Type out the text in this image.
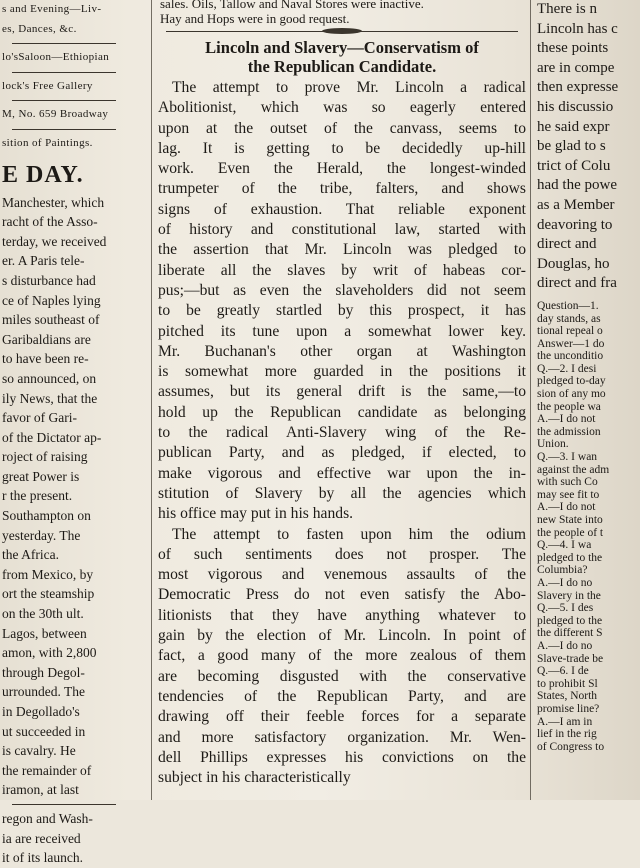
s and Evening—Liv-
es, Dances, &c.
lo'sSaloon—Ethiopian
lock's Free Gallery
M, No. 659 Broadway
sition of Paintings.
E DAY.
Manchester, which
racht of the Asso-
terday, we received
er. A Paris tele-
s disturbance had
ce of Naples lying
miles southeast of
Garibaldians are
to have been re-
so announced, on
ily News, that the
favor of Gari-
of the Dictator ap-
roject of raising
great Power is
r the present.
Southampton on
yesterday. The
the Africa.
from Mexico, by
ort the steamship
on the 30th ult.
Lagos, between
amon, with 2,800
through Degol-
urrounded. The
in Degollado's
ut succeeded in
is cavalry. He
the remainder of
iramon, at last
regon and Wash-
ia are received
it of its launch.
sales. Oils, Tallow and Naval Stores were inactive.
Hay and Hops were in good request.
Lincoln and Slavery—Conservatism of
the Republican Candidate.
The attempt to prove Mr. Lincoln a radical
Abolitionist, which was so eagerly entered
upon at the outset of the canvass, seems to
lag. It is getting to be decidedly up-hill
work. Even the Herald, the longest-winded
trumpeter of the tribe, falters, and shows
signs of exhaustion. That reliable exponent
of history and constitutional law, started with
the assertion that Mr. Lincoln was pledged to
liberate all the slaves by writ of habeas cor-
pus;—but as even the slaveholders did not seem
to be greatly startled by this prospect, it has
pitched its tune upon a somewhat lower key.
Mr. Buchanan's other organ at Washington
is somewhat more guarded in the positions it
assumes, but its general drift is the same,—to
hold up the Republican candidate as belonging
to the radical Anti-Slavery wing of the Re-
publican Party, and as pledged, if elected, to
make vigorous and effective war upon the in-
stitution of Slavery by all the agencies which
his office may put in his hands.
The attempt to fasten upon him the odium
of such sentiments does not prosper. The
most vigorous and venemous assaults of the
Democratic Press do not even satisfy the Abo-
litionists that they have anything whatever to
gain by the election of Mr. Lincoln. In point of
fact, a good many of the more zealous of them
are becoming disgusted with the conservative
tendencies of the Republican Party, and are
drawing off their feeble forces for a separate
and more satisfactory organization. Mr. Wen-
dell Phillips expresses his convictions on the
subject in his characteristically
There is n
Lincoln has c
these points
are in compe
then expresse
his discussio
he said expr
be glad to s
trict of Colu
had the powe
as a Member
deavoring to
direct and
Douglas, ho
direct and fra
Question—1.
day stands, as
tional repeal o
Answer—1 do
the unconditio
Q.—2. I desi
pledged to-day
sion of any mo
the people wa
A.—I do not
the admission
Union.
Q.—3. I wan
against the adm
with such Co
may see fit to
A.—I do not
new State into
the people of t
Q.—4. I wa
pledged to the
Columbia?
A.—I do no
Slavery in the
Q.—5. I des
pledged to the
the different S
A.—I do no
Slave-trade be
Q.—6. I de
to prohibit Sl
States, North
promise line?
A.—I am in
lief in the rig
of Congress to
